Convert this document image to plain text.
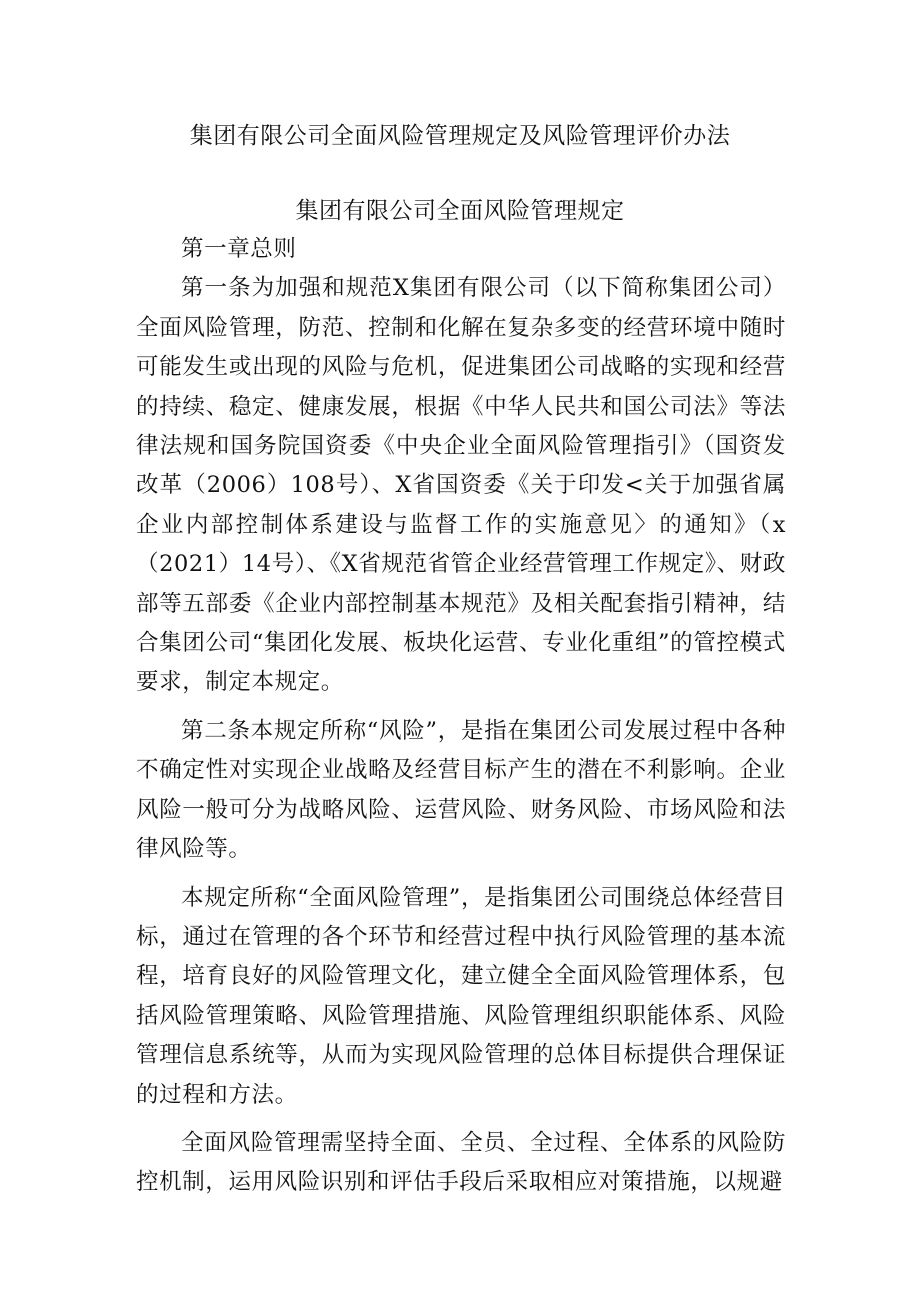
集团有限公司全面风险管理规定及风险管理评价办法
集团有限公司全面风险管理规定

第一章总则

第一条为加强和规范X集团有限公司（以下简称集团公司）全面风险管理，防范、控制和化解在复杂多变的经营环境中随时可能发生或出现的风险与危机，促进集团公司战略的实现和经营的持续、稳定、健康发展，根据《中华人民共和国公司法》等法律法规和国务院国资委《中央企业全面风险管理指引》（国资发改革（2006）108号）、X省国资委《关于印发<关于加强省属企业内部控制体系建设与监督工作的实施意见〉的通知》（x（2021）14号）、《X省规范省管企业经营管理工作规定》、财政部等五部委《企业内部控制基本规范》及相关配套指引精神，结合集团公司“集团化发展、板块化运营、专业化重组”的管控模式要求，制定本规定。

第二条本规定所称“风险”，是指在集团公司发展过程中各种不确定性对实现企业战略及经营目标产生的潜在不利影响。企业风险一般可分为战略风险、运营风险、财务风险、市场风险和法律风险等。

本规定所称“全面风险管理”，是指集团公司围绕总体经营目标，通过在管理的各个环节和经营过程中执行风险管理的基本流程，培育良好的风险管理文化，建立健全全面风险管理体系，包括风险管理策略、风险管理措施、风险管理组织职能体系、风险管理信息系统等，从而为实现风险管理的总体目标提供合理保证的过程和方法。

全面风险管理需坚持全面、全员、全过程、全体系的风险防控机制，运用风险识别和评估手段后采取相应对策措施，以规避
